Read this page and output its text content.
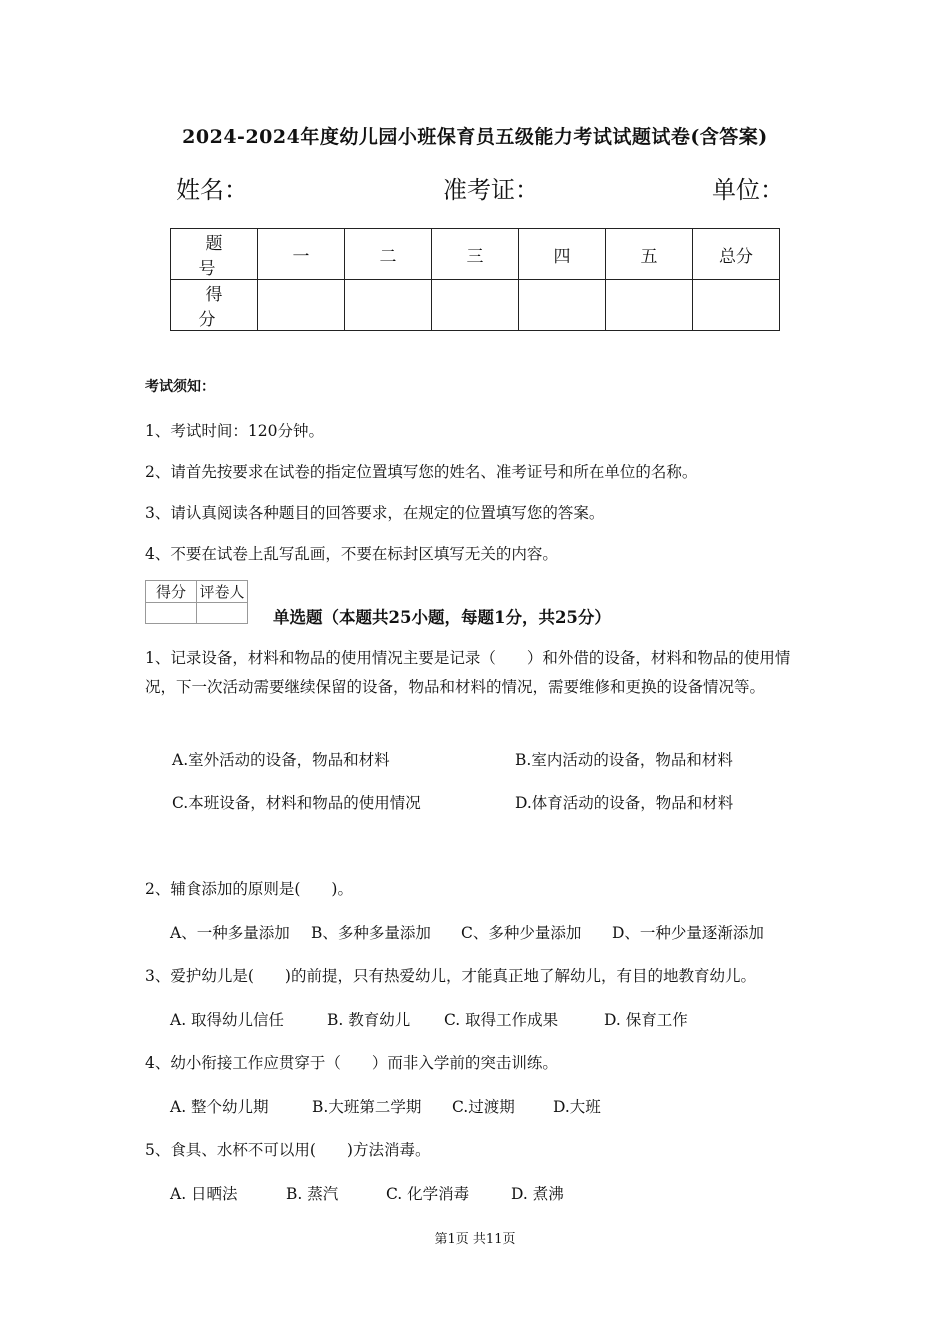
2024-2024年度幼儿园小班保育员五级能力考试试题试卷(含答案)
姓名：	准考证：	单位：
题 号	一	二	三	四	五	总分
得 分						
考试须知：
1、考试时间：120分钟。
2、请首先按要求在试卷的指定位置填写您的姓名、准考证号和所在单位的名称。
3、请认真阅读各种题目的回答要求，在规定的位置填写您的答案。
4、不要在试卷上乱写乱画，不要在标封区填写无关的内容。
得分	评卷人

单选题（本题共25小题，每题1分，共25分）
1、记录设备，材料和物品的使用情况主要是记录（　　）和外借的设备，材料和物品的使用情况，下一次活动需要继续保留的设备，物品和材料的情况，需要维修和更换的设备情况等。
A.室外活动的设备，物品和材料	B.室内活动的设备，物品和材料
C.本班设备，材料和物品的使用情况	D.体育活动的设备，物品和材料
2、辅食添加的原则是(　　)。
A、一种多量添加 B、多种多量添加 C、多种少量添加 D、一种少量逐渐添加
3、爱护幼儿是(　　)的前提，只有热爱幼儿，才能真正地了解幼儿，有目的地教育幼儿。
A. 取得幼儿信任	B. 教育幼儿 C. 取得工作成果	D. 保育工作
4、幼小衔接工作应贯穿于（　　）而非入学前的突击训练。
A. 整个幼儿期	B.大班第二学期 C.过渡期 D.大班
5、食具、水杯不可以用(　　)方法消毒。
A. 日晒法	B. 蒸汽	C. 化学消毒	D. 煮沸
第1页 共11页
